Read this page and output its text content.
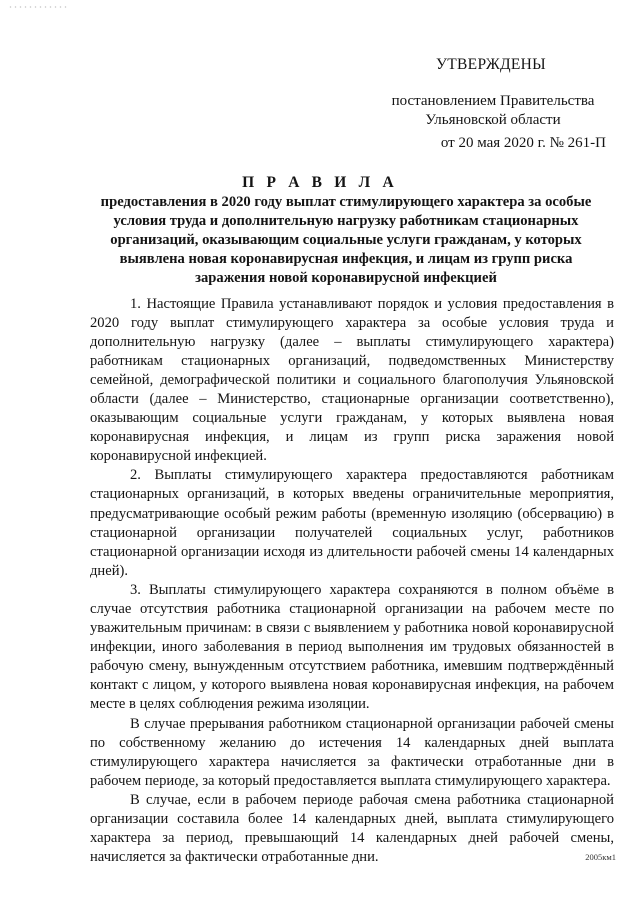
УТВЕРЖДЕНЫ
постановлением Правительства Ульяновской области
от 20 мая 2020 г. № 261-П
П Р А В И Л А
предоставления в 2020 году выплат стимулирующего характера за особые условия труда и дополнительную нагрузку работникам стационарных организаций, оказывающим социальные услуги гражданам, у которых выявлена новая коронавирусная инфекция, и лицам из групп риска заражения новой коронавирусной инфекцией

1. Настоящие Правила устанавливают порядок и условия предоставления в 2020 году выплат стимулирующего характера за особые условия труда и дополнительную нагрузку (далее – выплаты стимулирующего характера) работникам стационарных организаций, подведомственных Министерству семейной, демографической политики и социального благополучия Ульяновской области (далее – Министерство, стационарные организации соответственно), оказывающим социальные услуги гражданам, у которых выявлена новая коронавирусная инфекция, и лицам из групп риска заражения новой коронавирусной инфекцией.

2. Выплаты стимулирующего характера предоставляются работникам стационарных организаций, в которых введены ограничительные мероприятия, предусматривающие особый режим работы (временную изоляцию (обсервацию) в стационарной организации получателей социальных услуг, работников стационарной организации исходя из длительности рабочей смены 14 календарных дней).

3. Выплаты стимулирующего характера сохраняются в полном объёме в случае отсутствия работника стационарной организации на рабочем месте по уважительным причинам: в связи с выявлением у работника новой коронавирусной инфекции, иного заболевания в период выполнения им трудовых обязанностей в рабочую смену, вынужденным отсутствием работника, имевшим подтверждённый контакт с лицом, у которого выявлена новая коронавирусная инфекция, на рабочем месте в целях соблюдения режима изоляции.

В случае прерывания работником стационарной организации рабочей смены по собственному желанию до истечения 14 календарных дней выплата стимулирующего характера начисляется за фактически отработанные дни в рабочем периоде, за который предоставляется выплата стимулирующего характера.

В случае, если в рабочем периоде рабочая смена работника стационарной организации составила более 14 календарных дней, выплата стимулирующего характера за период, превышающий 14 календарных дней рабочей смены, начисляется за фактически отработанные дни.	2005км1
